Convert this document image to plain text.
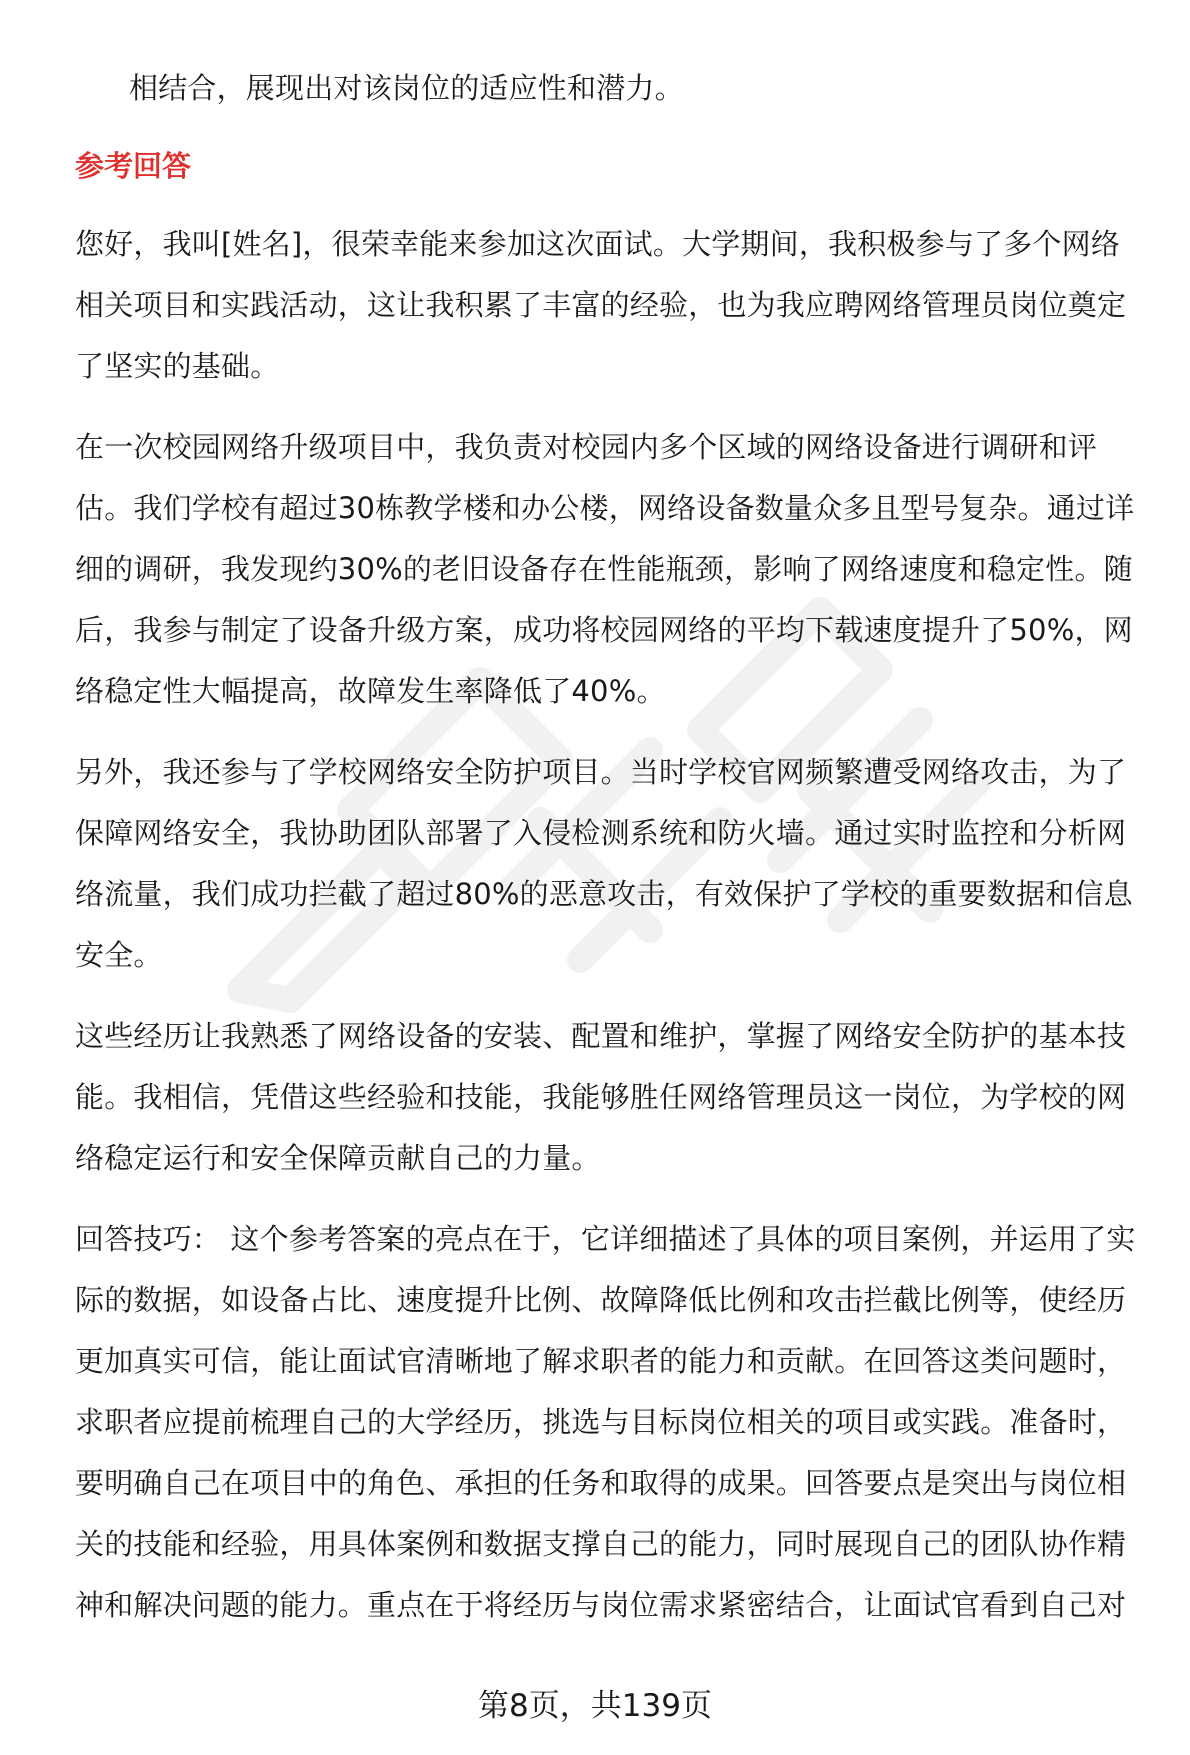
相结合，展现出对该岗位的适应性和潜力。
参考回答
您好，我叫[姓名]，很荣幸能来参加这次面试。大学期间，我积极参与了多个网络
相关项目和实践活动，这让我积累了丰富的经验，也为我应聘网络管理员岗位奠定
了坚实的基础。
在一次校园网络升级项目中，我负责对校园内多个区域的网络设备进行调研和评
估。我们学校有超过30栋教学楼和办公楼，网络设备数量众多且型号复杂。通过详
细的调研，我发现约30%的老旧设备存在性能瓶颈，影响了网络速度和稳定性。随
后，我参与制定了设备升级方案，成功将校园网络的平均下载速度提升了50%，网
络稳定性大幅提高，故障发生率降低了40%。
另外，我还参与了学校网络安全防护项目。当时学校官网频繁遭受网络攻击，为了
保障网络安全，我协助团队部署了入侵检测系统和防火墙。通过实时监控和分析网
络流量，我们成功拦截了超过80%的恶意攻击，有效保护了学校的重要数据和信息
安全。
这些经历让我熟悉了网络设备的安装、配置和维护，掌握了网络安全防护的基本技
能。我相信，凭借这些经验和技能，我能够胜任网络管理员这一岗位，为学校的网
络稳定运行和安全保障贡献自己的力量。
回答技巧： 这个参考答案的亮点在于，它详细描述了具体的项目案例，并运用了实
际的数据，如设备占比、速度提升比例、故障降低比例和攻击拦截比例等，使经历
更加真实可信，能让面试官清晰地了解求职者的能力和贡献。在回答这类问题时，
求职者应提前梳理自己的大学经历，挑选与目标岗位相关的项目或实践。准备时，
要明确自己在项目中的角色、承担的任务和取得的成果。回答要点是突出与岗位相
关的技能和经验，用具体案例和数据支撑自己的能力，同时展现自己的团队协作精
神和解决问题的能力。重点在于将经历与岗位需求紧密结合，让面试官看到自己对
第8页，共139页
